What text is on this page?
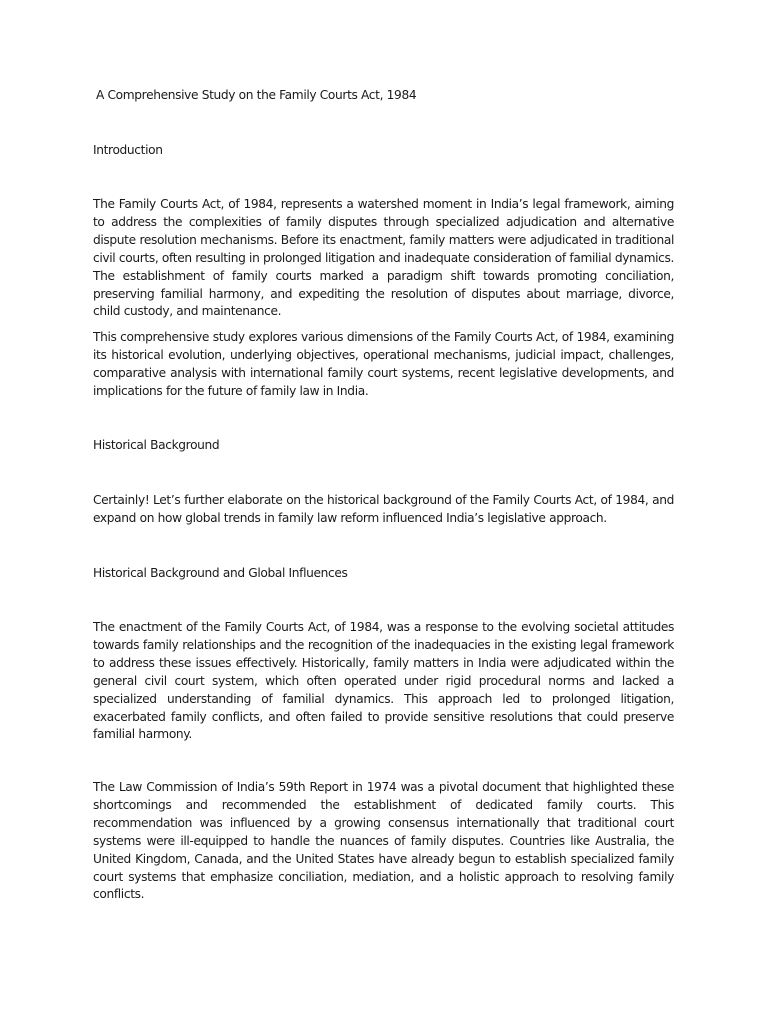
A Comprehensive Study on the Family Courts Act, 1984

Introduction

The Family Courts Act, of 1984, represents a watershed moment in India’s legal framework, aiming to address the complexities of family disputes through specialized adjudication and alternative dispute resolution mechanisms. Before its enactment, family matters were adjudicated in traditional civil courts, often resulting in prolonged litigation and inadequate consideration of familial dynamics. The establishment of family courts marked a paradigm shift towards promoting conciliation, preserving familial harmony, and expediting the resolution of disputes about marriage, divorce, child custody, and maintenance.

This comprehensive study explores various dimensions of the Family Courts Act, of 1984, examining its historical evolution, underlying objectives, operational mechanisms, judicial impact, challenges, comparative analysis with international family court systems, recent legislative developments, and implications for the future of family law in India.

Historical Background

Certainly! Let’s further elaborate on the historical background of the Family Courts Act, of 1984, and expand on how global trends in family law reform influenced India’s legislative approach.

Historical Background and Global Influences

The enactment of the Family Courts Act, of 1984, was a response to the evolving societal attitudes towards family relationships and the recognition of the inadequacies in the existing legal framework to address these issues effectively. Historically, family matters in India were adjudicated within the general civil court system, which often operated under rigid procedural norms and lacked a specialized understanding of familial dynamics. This approach led to prolonged litigation, exacerbated family conflicts, and often failed to provide sensitive resolutions that could preserve familial harmony.

The Law Commission of India’s 59th Report in 1974 was a pivotal document that highlighted these shortcomings and recommended the establishment of dedicated family courts. This recommendation was influenced by a growing consensus internationally that traditional court systems were ill-equipped to handle the nuances of family disputes. Countries like Australia, the United Kingdom, Canada, and the United States have already begun to establish specialized family court systems that emphasize conciliation, mediation, and a holistic approach to resolving family conflicts.
